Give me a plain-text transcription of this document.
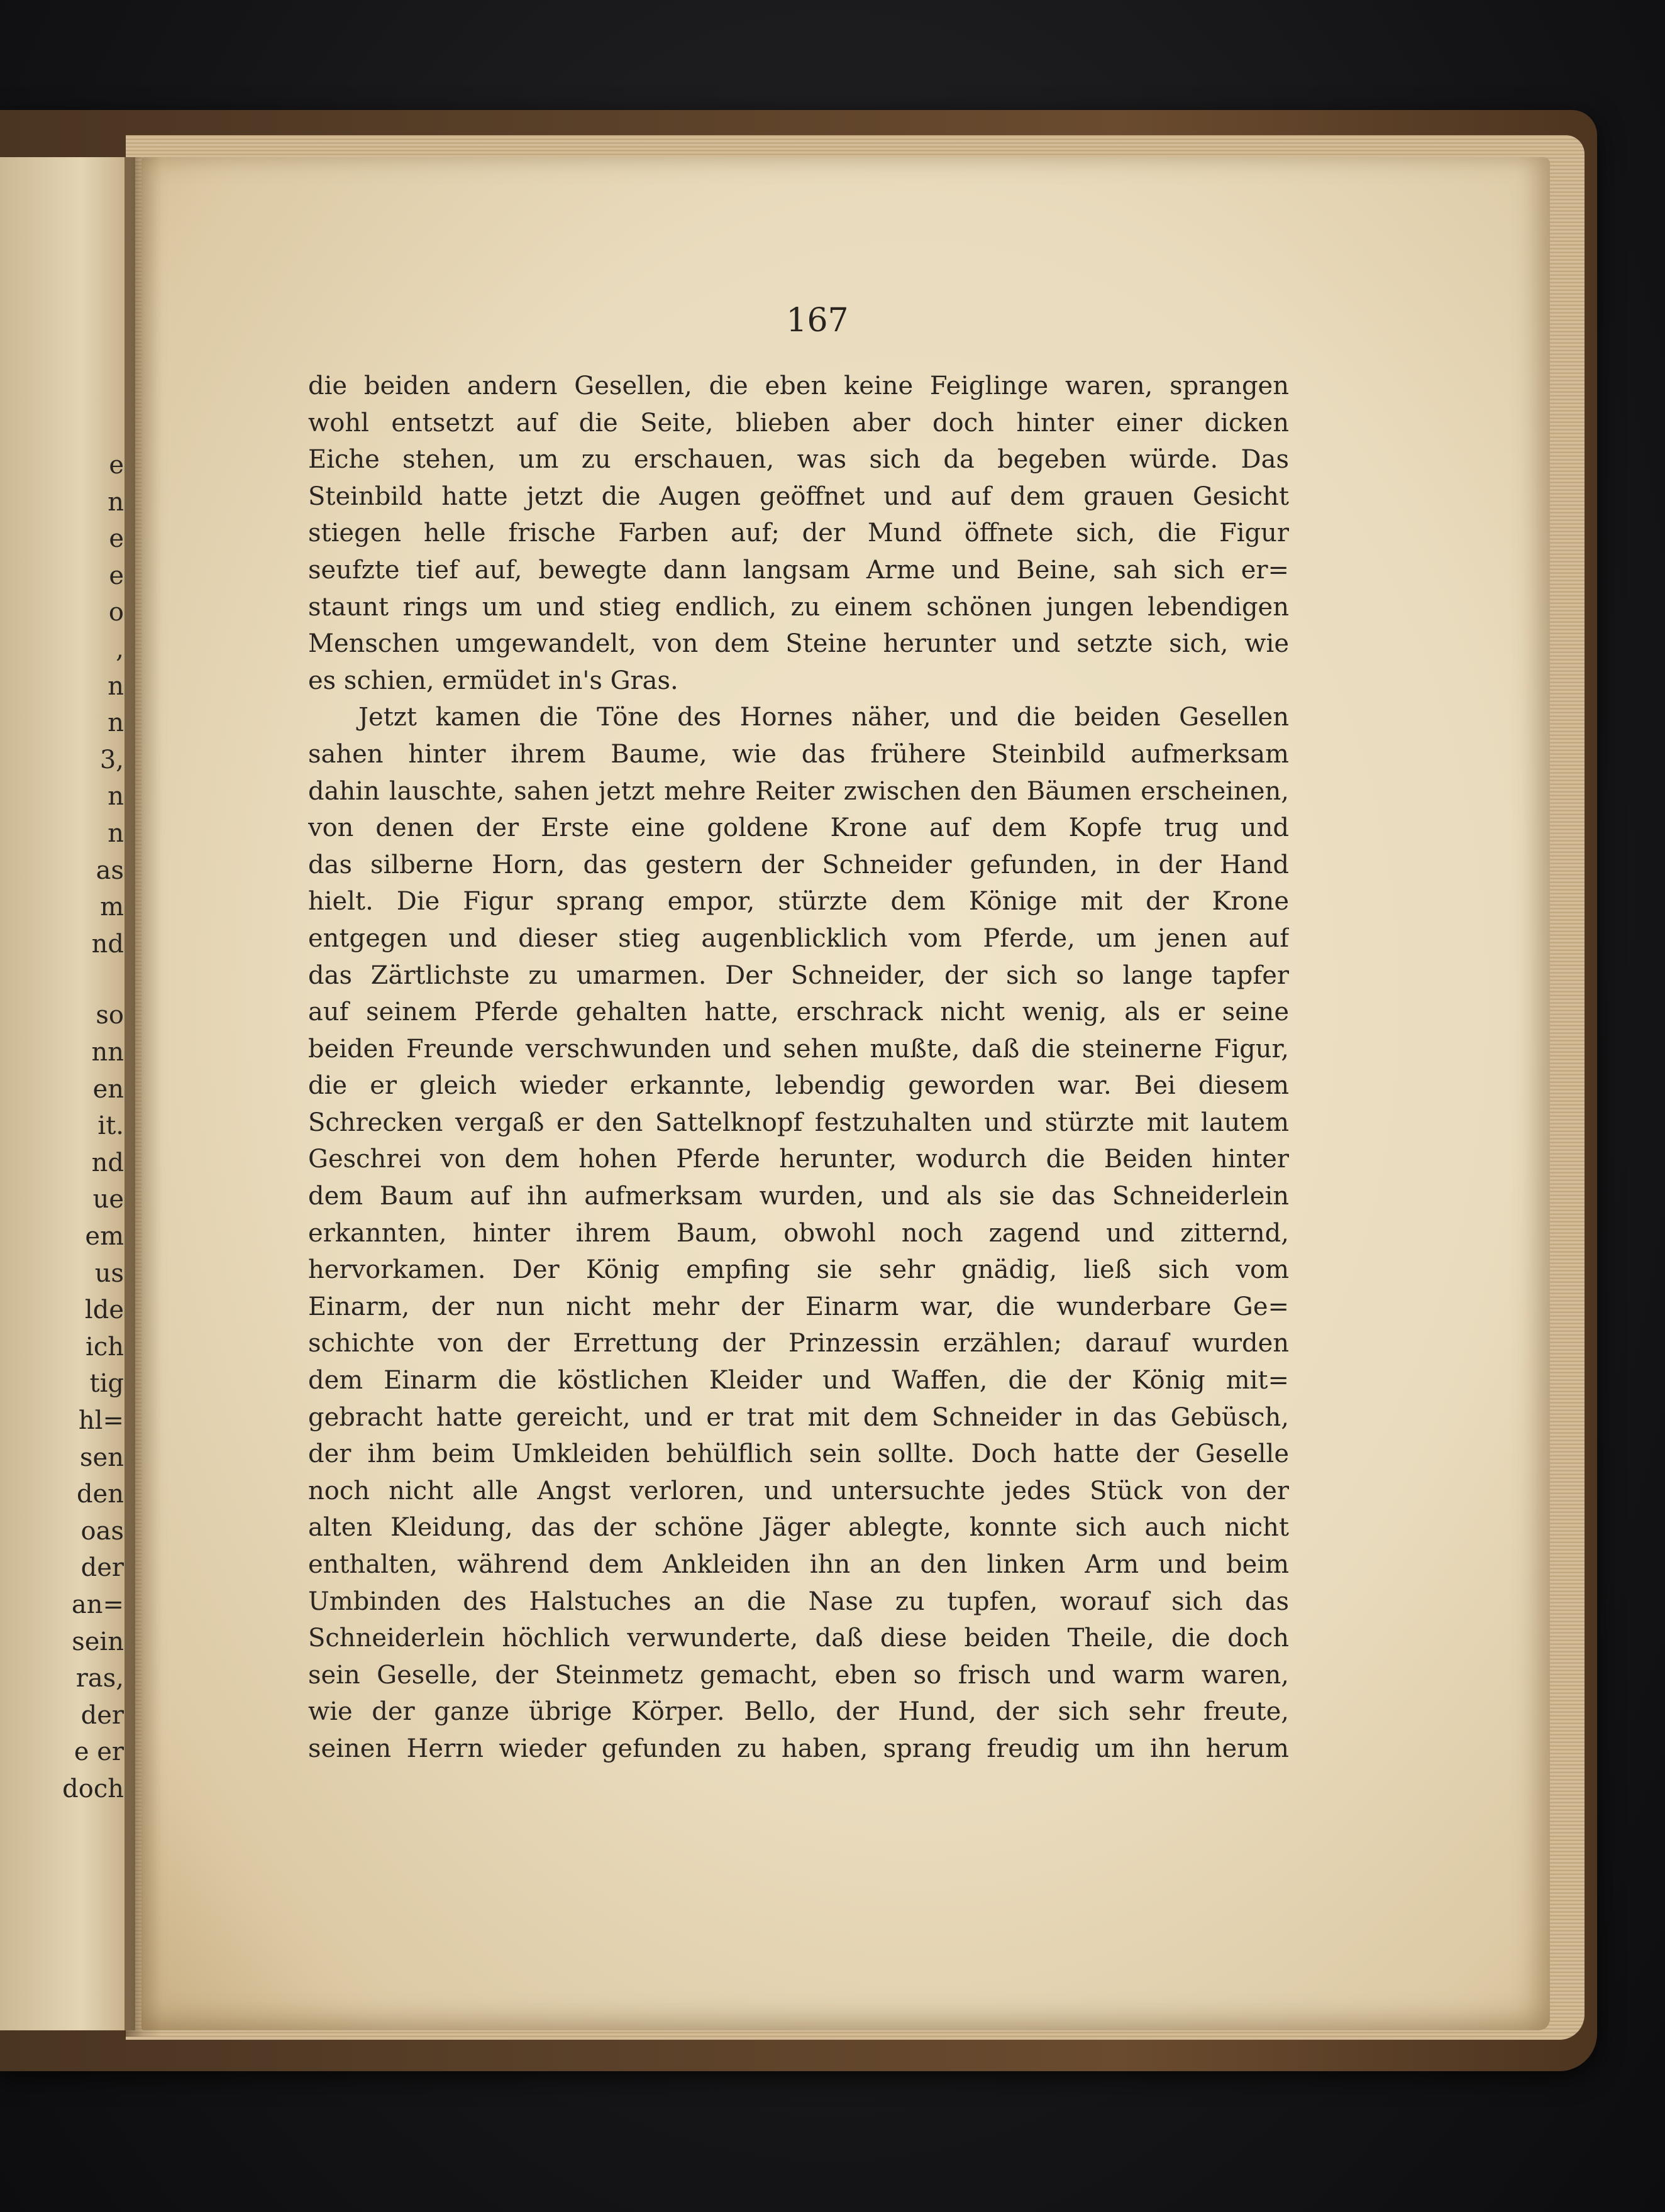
e
n
e
e
o
,
n
n
3,
n
n
as
m
nd
so
nn
en
it.
nd
ue
em
us
lde
ich
tig
hl=
sen
den
oas
der
an=
sein
ras,
der
e er
doch
167
die beiden andern Gesellen, die eben keine Feiglinge waren, sprangen
wohl entsetzt auf die Seite, blieben aber doch hinter einer dicken
Eiche stehen, um zu erschauen, was sich da begeben würde. Das
Steinbild hatte jetzt die Augen geöffnet und auf dem grauen Gesicht
stiegen helle frische Farben auf; der Mund öffnete sich, die Figur
seufzte tief auf, bewegte dann langsam Arme und Beine, sah sich er=
staunt rings um und stieg endlich, zu einem schönen jungen lebendigen
Menschen umgewandelt, von dem Steine herunter und setzte sich, wie
es schien, ermüdet in's Gras.
Jetzt kamen die Töne des Hornes näher, und die beiden Gesellen
sahen hinter ihrem Baume, wie das frühere Steinbild aufmerksam
dahin lauschte, sahen jetzt mehre Reiter zwischen den Bäumen erscheinen,
von denen der Erste eine goldene Krone auf dem Kopfe trug und
das silberne Horn, das gestern der Schneider gefunden, in der Hand
hielt. Die Figur sprang empor, stürzte dem Könige mit der Krone
entgegen und dieser stieg augenblicklich vom Pferde, um jenen auf
das Zärtlichste zu umarmen. Der Schneider, der sich so lange tapfer
auf seinem Pferde gehalten hatte, erschrack nicht wenig, als er seine
beiden Freunde verschwunden und sehen mußte, daß die steinerne Figur,
die er gleich wieder erkannte, lebendig geworden war. Bei diesem
Schrecken vergaß er den Sattelknopf festzuhalten und stürzte mit lautem
Geschrei von dem hohen Pferde herunter, wodurch die Beiden hinter
dem Baum auf ihn aufmerksam wurden, und als sie das Schneiderlein
erkannten, hinter ihrem Baum, obwohl noch zagend und zitternd,
hervorkamen. Der König empfing sie sehr gnädig, ließ sich vom
Einarm, der nun nicht mehr der Einarm war, die wunderbare Ge=
schichte von der Errettung der Prinzessin erzählen; darauf wurden
dem Einarm die köstlichen Kleider und Waffen, die der König mit=
gebracht hatte gereicht, und er trat mit dem Schneider in das Gebüsch,
der ihm beim Umkleiden behülflich sein sollte. Doch hatte der Geselle
noch nicht alle Angst verloren, und untersuchte jedes Stück von der
alten Kleidung, das der schöne Jäger ablegte, konnte sich auch nicht
enthalten, während dem Ankleiden ihn an den linken Arm und beim
Umbinden des Halstuches an die Nase zu tupfen, worauf sich das
Schneiderlein höchlich verwunderte, daß diese beiden Theile, die doch
sein Geselle, der Steinmetz gemacht, eben so frisch und warm waren,
wie der ganze übrige Körper. Bello, der Hund, der sich sehr freute,
seinen Herrn wieder gefunden zu haben, sprang freudig um ihn herum
